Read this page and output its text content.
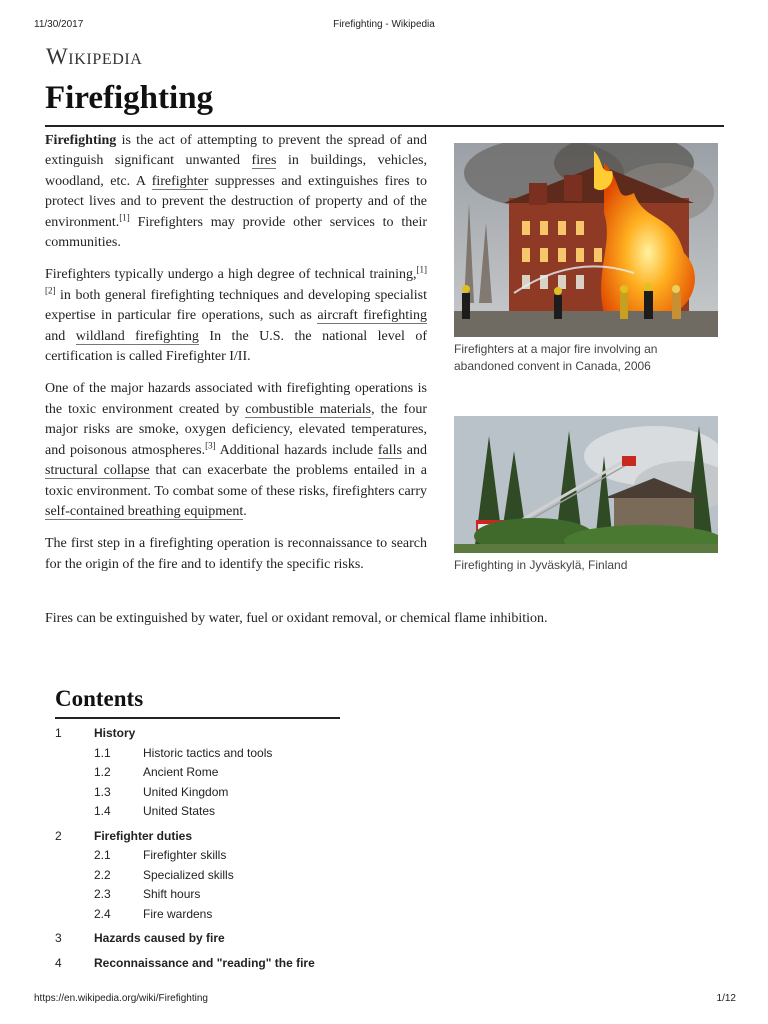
11/30/2017	Firefighting - Wikipedia
Wikipedia
Firefighting

Firefighting is the act of attempting to prevent the spread of and extinguish significant unwanted fires in buildings, vehicles, woodland, etc. A firefighter suppresses and extinguishes fires to protect lives and to prevent the destruction of property and of the environment.[1] Firefighters may provide other services to their communities.

Firefighters typically undergo a high degree of technical training,[1][2] in both general firefighting techniques and developing specialist expertise in particular fire operations, such as aircraft firefighting and wildland firefighting In the U.S. the national level of certification is called Firefighter I/II.

One of the major hazards associated with firefighting operations is the toxic environment created by combustible materials, the four major risks are smoke, oxygen deficiency, elevated temperatures, and poisonous atmospheres.[3] Additional hazards include falls and structural collapse that can exacerbate the problems entailed in a toxic environment. To combat some of these risks, firefighters carry self-contained breathing equipment.

The first step in a firefighting operation is reconnaissance to search for the origin of the fire and to identify the specific risks.

Fires can be extinguished by water, fuel or oxidant removal, or chemical flame inhibition.
Firefighters at a major fire involving an abandoned convent in Canada, 2006
Firefighting in Jyväskylä, Finland
Contents
1	History
1.1	Historic tactics and tools
1.2	Ancient Rome
1.3	United Kingdom
1.4	United States
2	Firefighter duties
2.1	Firefighter skills
2.2	Specialized skills
2.3	Shift hours
2.4	Fire wardens
3	Hazards caused by fire
4	Reconnaissance and "reading" the fire
https://en.wikipedia.org/wiki/Firefighting	1/12
